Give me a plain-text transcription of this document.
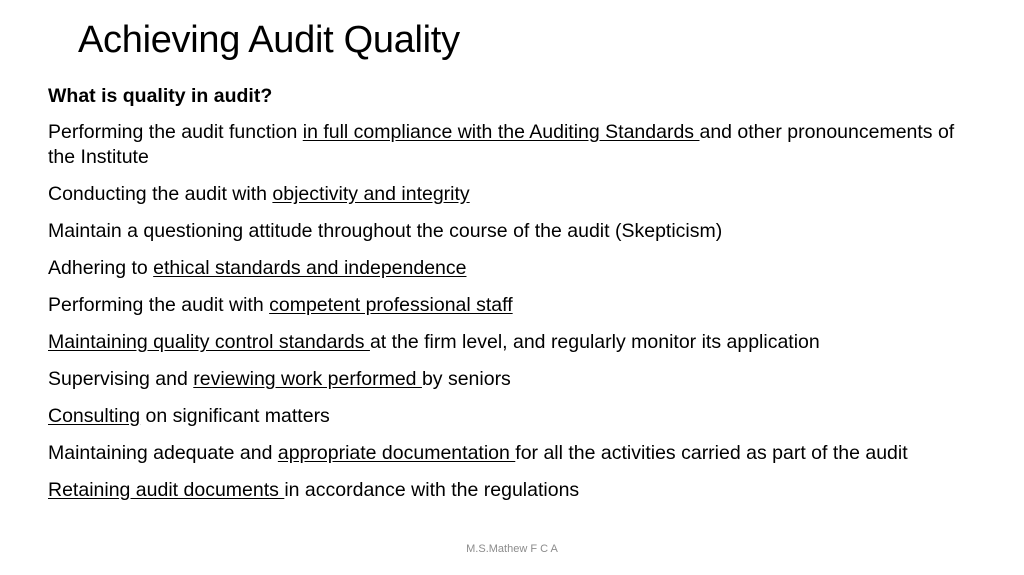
Achieving Audit Quality

What is quality in audit?

Performing the audit function in full compliance with the Auditing Standards and other pronouncements of the Institute

Conducting the audit with objectivity and integrity

Maintain a questioning attitude throughout the course of the audit (Skepticism)

Adhering to ethical standards and independence

Performing the audit with competent professional staff

Maintaining quality control standards at the firm level, and regularly monitor its application

Supervising and reviewing work performed by seniors

Consulting on significant matters

Maintaining adequate and appropriate documentation for all the activities carried as part of the audit

Retaining audit documents in accordance with the regulations

M.S.Mathew F C A
